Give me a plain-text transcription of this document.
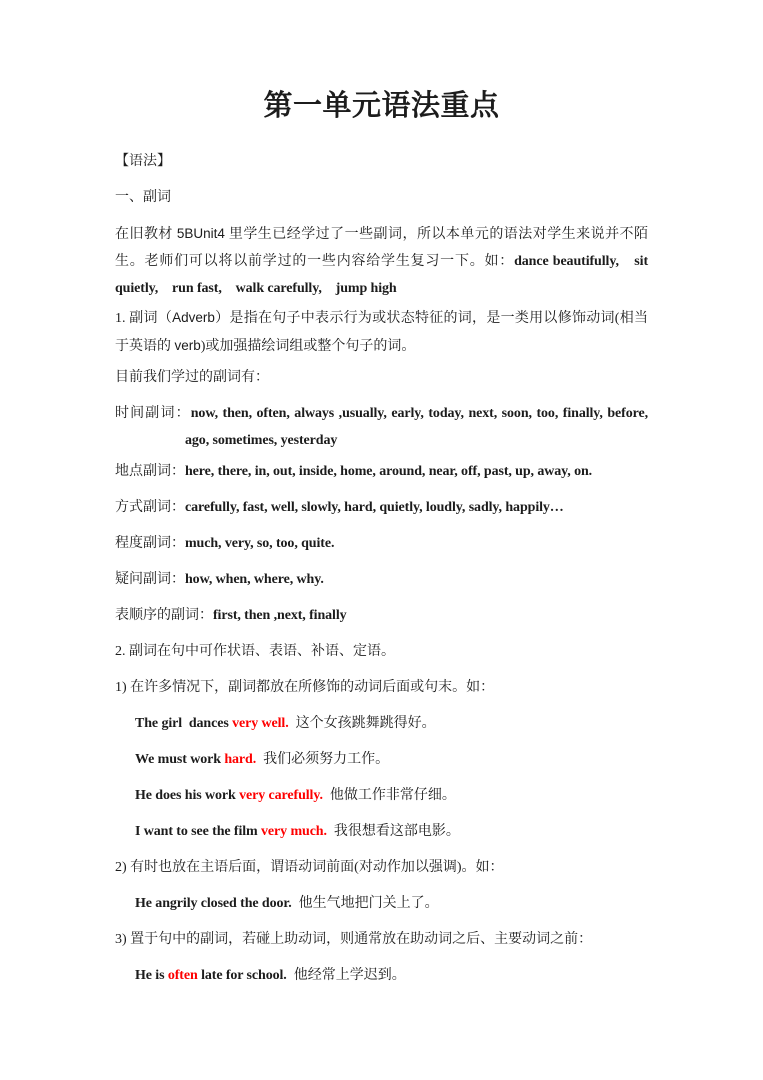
第一单元语法重点

【语法】

一、副词

在旧教材 5BUnit4 里学生已经学过了一些副词，所以本单元的语法对学生来说并不陌生。老师们可以将以前学过的一些内容给学生复习一下。如：dance beautifully,　sit quietly,　run fast,　walk carefully,　jump high

1. 副词（Adverb）是指在句子中表示行为或状态特征的词，是一类用以修饰动词(相当于英语的 verb)或加强描绘词组或整个句子的词。

目前我们学过的副词有：

时间副词：now, then, often, always ,usually, early, today, next, soon, too, finally, before, ago, sometimes, yesterday

地点副词：here, there, in, out, inside, home, around, near, off, past, up, away, on.

方式副词：carefully, fast, well, slowly, hard, quietly, loudly, sadly, happily…

程度副词：much, very, so, too, quite.

疑问副词：how, when, where, why.

表顺序的副词：first, then ,next, finally

2. 副词在句中可作状语、表语、补语、定语。

1) 在许多情况下，副词都放在所修饰的动词后面或句末。如：

The girl  dances very well.  这个女孩跳舞跳得好。

We must work hard.  我们必须努力工作。

He does his work very carefully.  他做工作非常仔细。

I want to see the film very much.  我很想看这部电影。

2) 有时也放在主语后面，谓语动词前面(对动作加以强调)。如：

He angrily closed the door.  他生气地把门关上了。

3) 置于句中的副词，若碰上助动词，则通常放在助动词之后、主要动词之前：

He is often late for school.  他经常上学迟到。
